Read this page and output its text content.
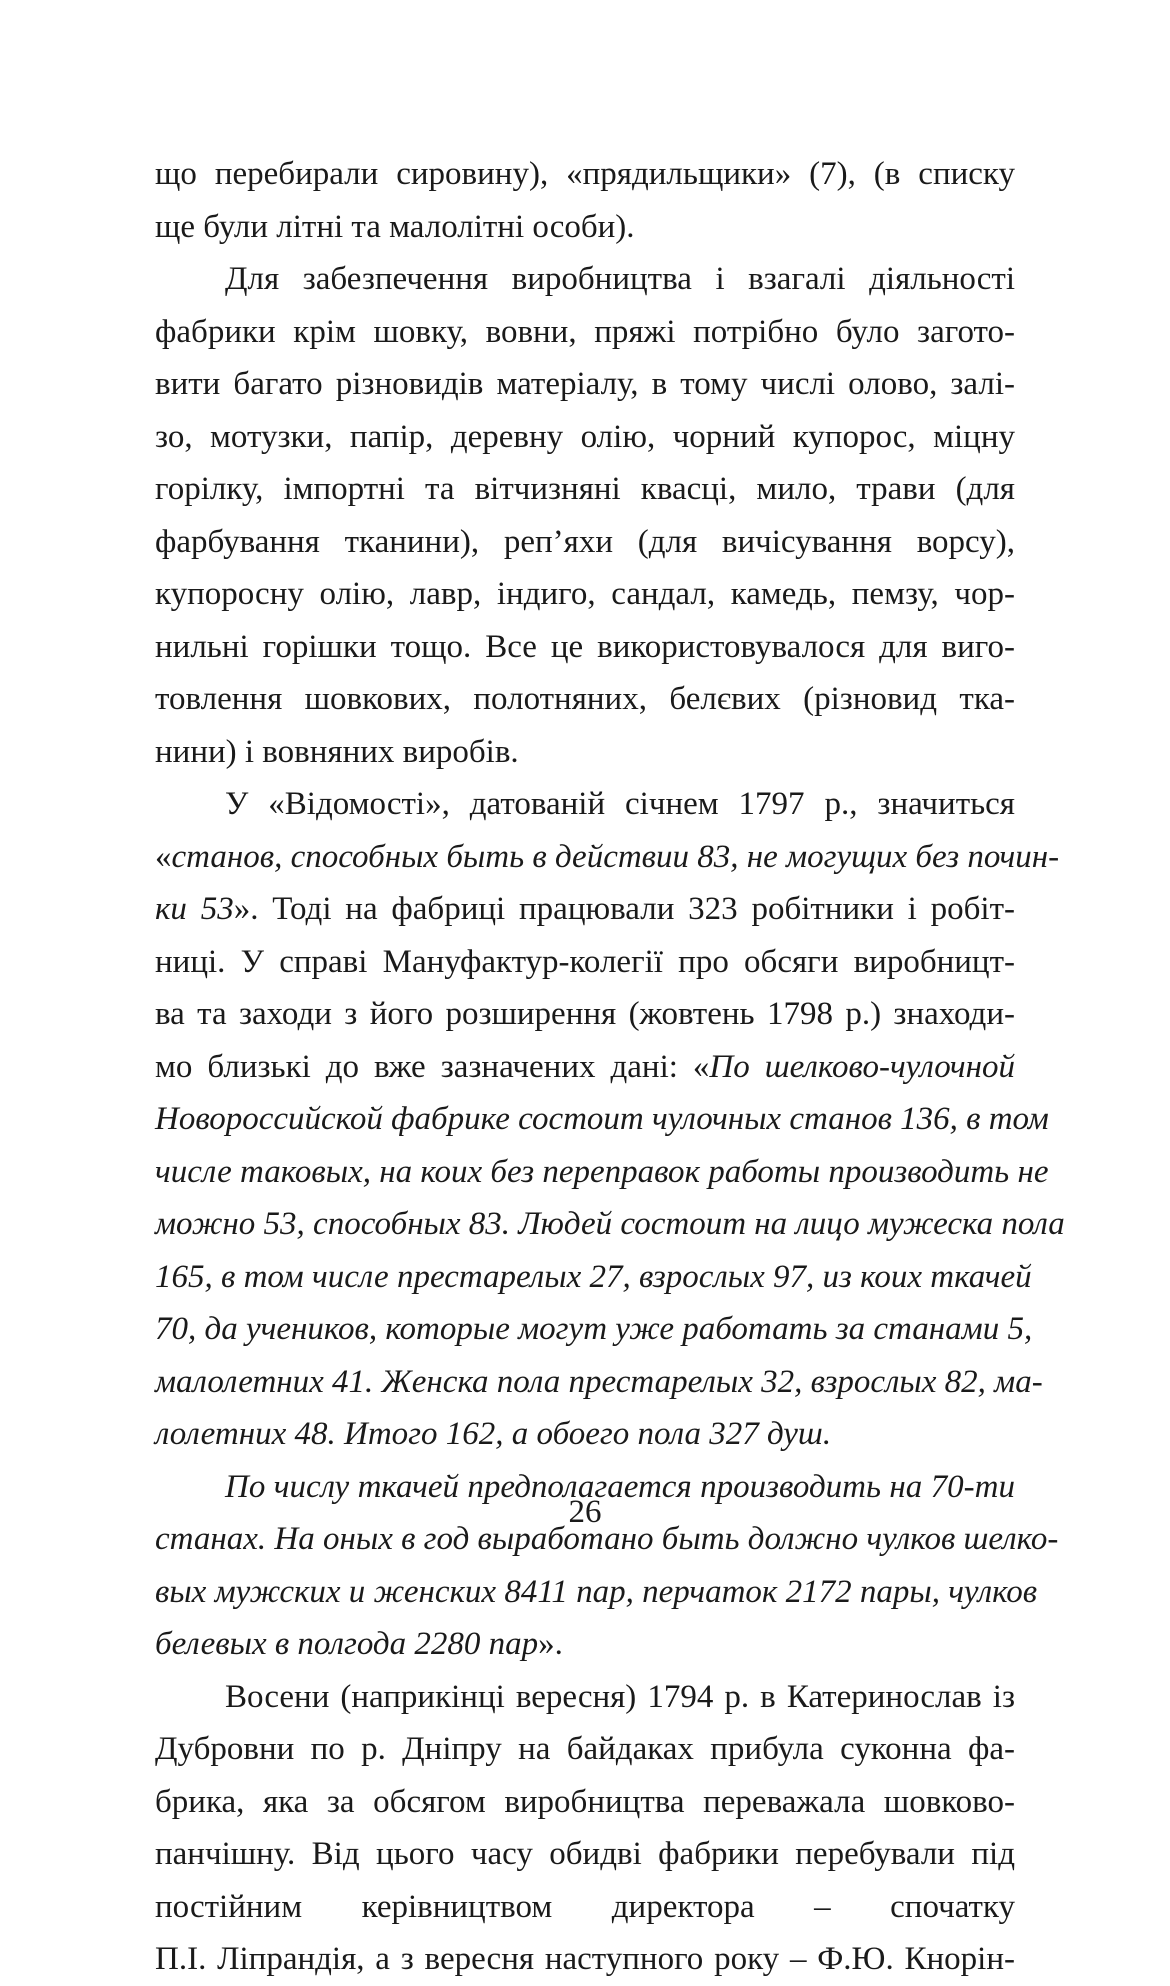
що перебирали сировину), «прядильщики» (7), (в списку
ще були літні та малолітні особи).
Для забезпечення виробництва і взагалі діяльності
фабрики крім шовку, вовни, пряжі потрібно було загото-
вити багато різновидів матеріалу, в тому числі олово, залі-
зо, мотузки, папір, деревну олію, чорний купорос, міцну
горілку, імпортні та вітчизняні квасці, мило, трави (для
фарбування тканини), реп’яхи (для вичісування ворсу),
купоросну олію, лавр, індиго, сандал, камедь, пемзу, чор-
нильні горішки тощо. Все це використовувалося для виго-
товлення шовкових, полотняних, белєвих (різновид тка-
нини) і вовняних виробів.
У «Відомості», датованій січнем 1797 р., значиться
«станов, способных быть в действии 83, не могущих без почин-
ки 53». Тоді на фабриці працювали 323 робітники і робіт-
ниці. У справі Мануфактур-колегії про обсяги виробницт-
ва та заходи з його розширення (жовтень 1798 р.) знаходи-
мо близькі до вже зазначених дані: «По шелково-чулочной
Новороссийской фабрике состоит чулочных станов 136, в том
числе таковых, на коих без переправок работы производить не
можно 53, способных 83. Людей состоит на лицо мужеска пола
165, в том числе престарелых 27, взрослых 97, из коих ткачей
70, да учеников, которые могут уже работать за станами 5,
малолетних 41. Женска пола престарелых 32, взрослых 82, ма-
лолетних 48. Итого 162, а обоего пола 327 душ.
По числу ткачей предполагается производить на 70-ти
станах. На оных в год выработано быть должно чулков шелко-
вых мужских и женских 8411 пар, перчаток 2172 пары, чулков
белевых в полгода 2280 пар».
Восени (наприкінці вересня) 1794 р. в Катеринослав із
Дубровни по р. Дніпру на байдаках прибула суконна фа-
брика, яка за обсягом виробництва переважала шовково-
панчішну. Від цього часу обидві фабрики перебували під
постійним керівництвом директора – спочатку
П.І. Ліпрандія, а з вересня наступного року – Ф.Ю. Кнорін-
26
